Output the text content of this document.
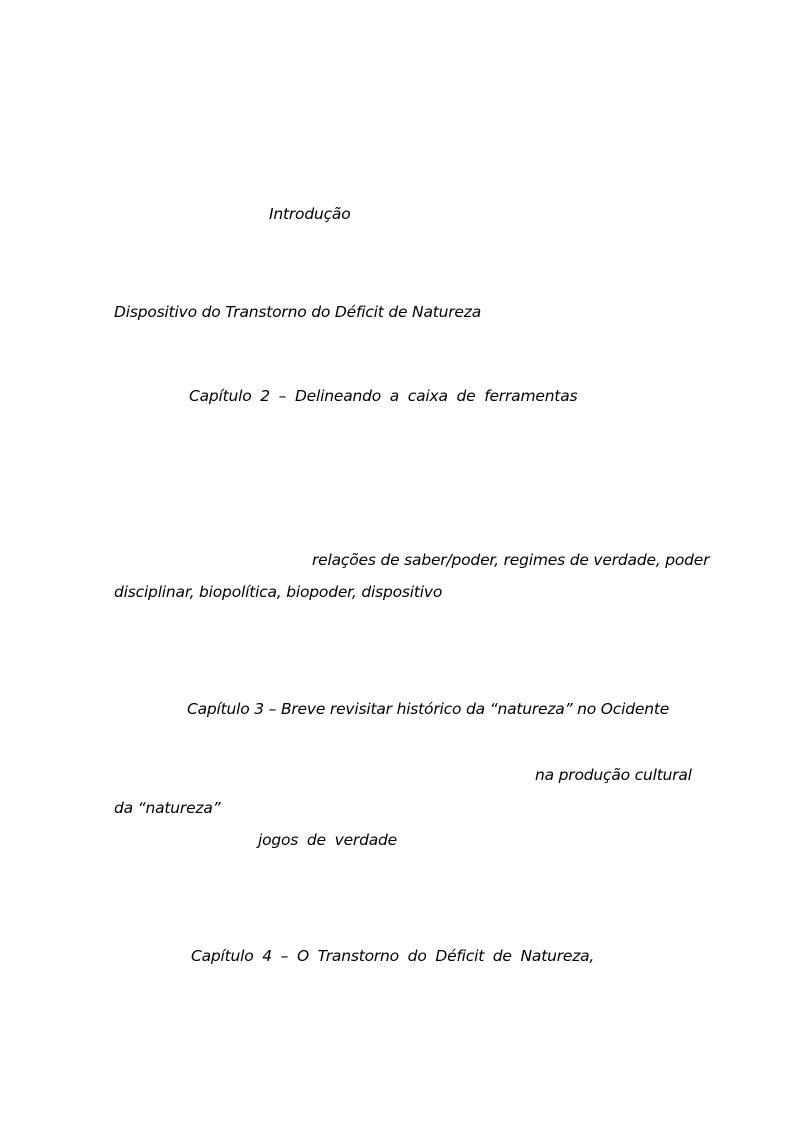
Introdução
Dispositivo do Transtorno do Déficit de Natureza
Capítulo 2 – Delineando a caixa de ferramentas
relações de saber/poder, regimes de verdade, poder
disciplinar, biopolítica, biopoder, dispositivo
Capítulo 3 – Breve revisitar histórico da “natureza” no Ocidente
na produção cultural
da “natureza”
jogos de verdade
Capítulo 4 – O Transtorno do Déficit de Natureza,
